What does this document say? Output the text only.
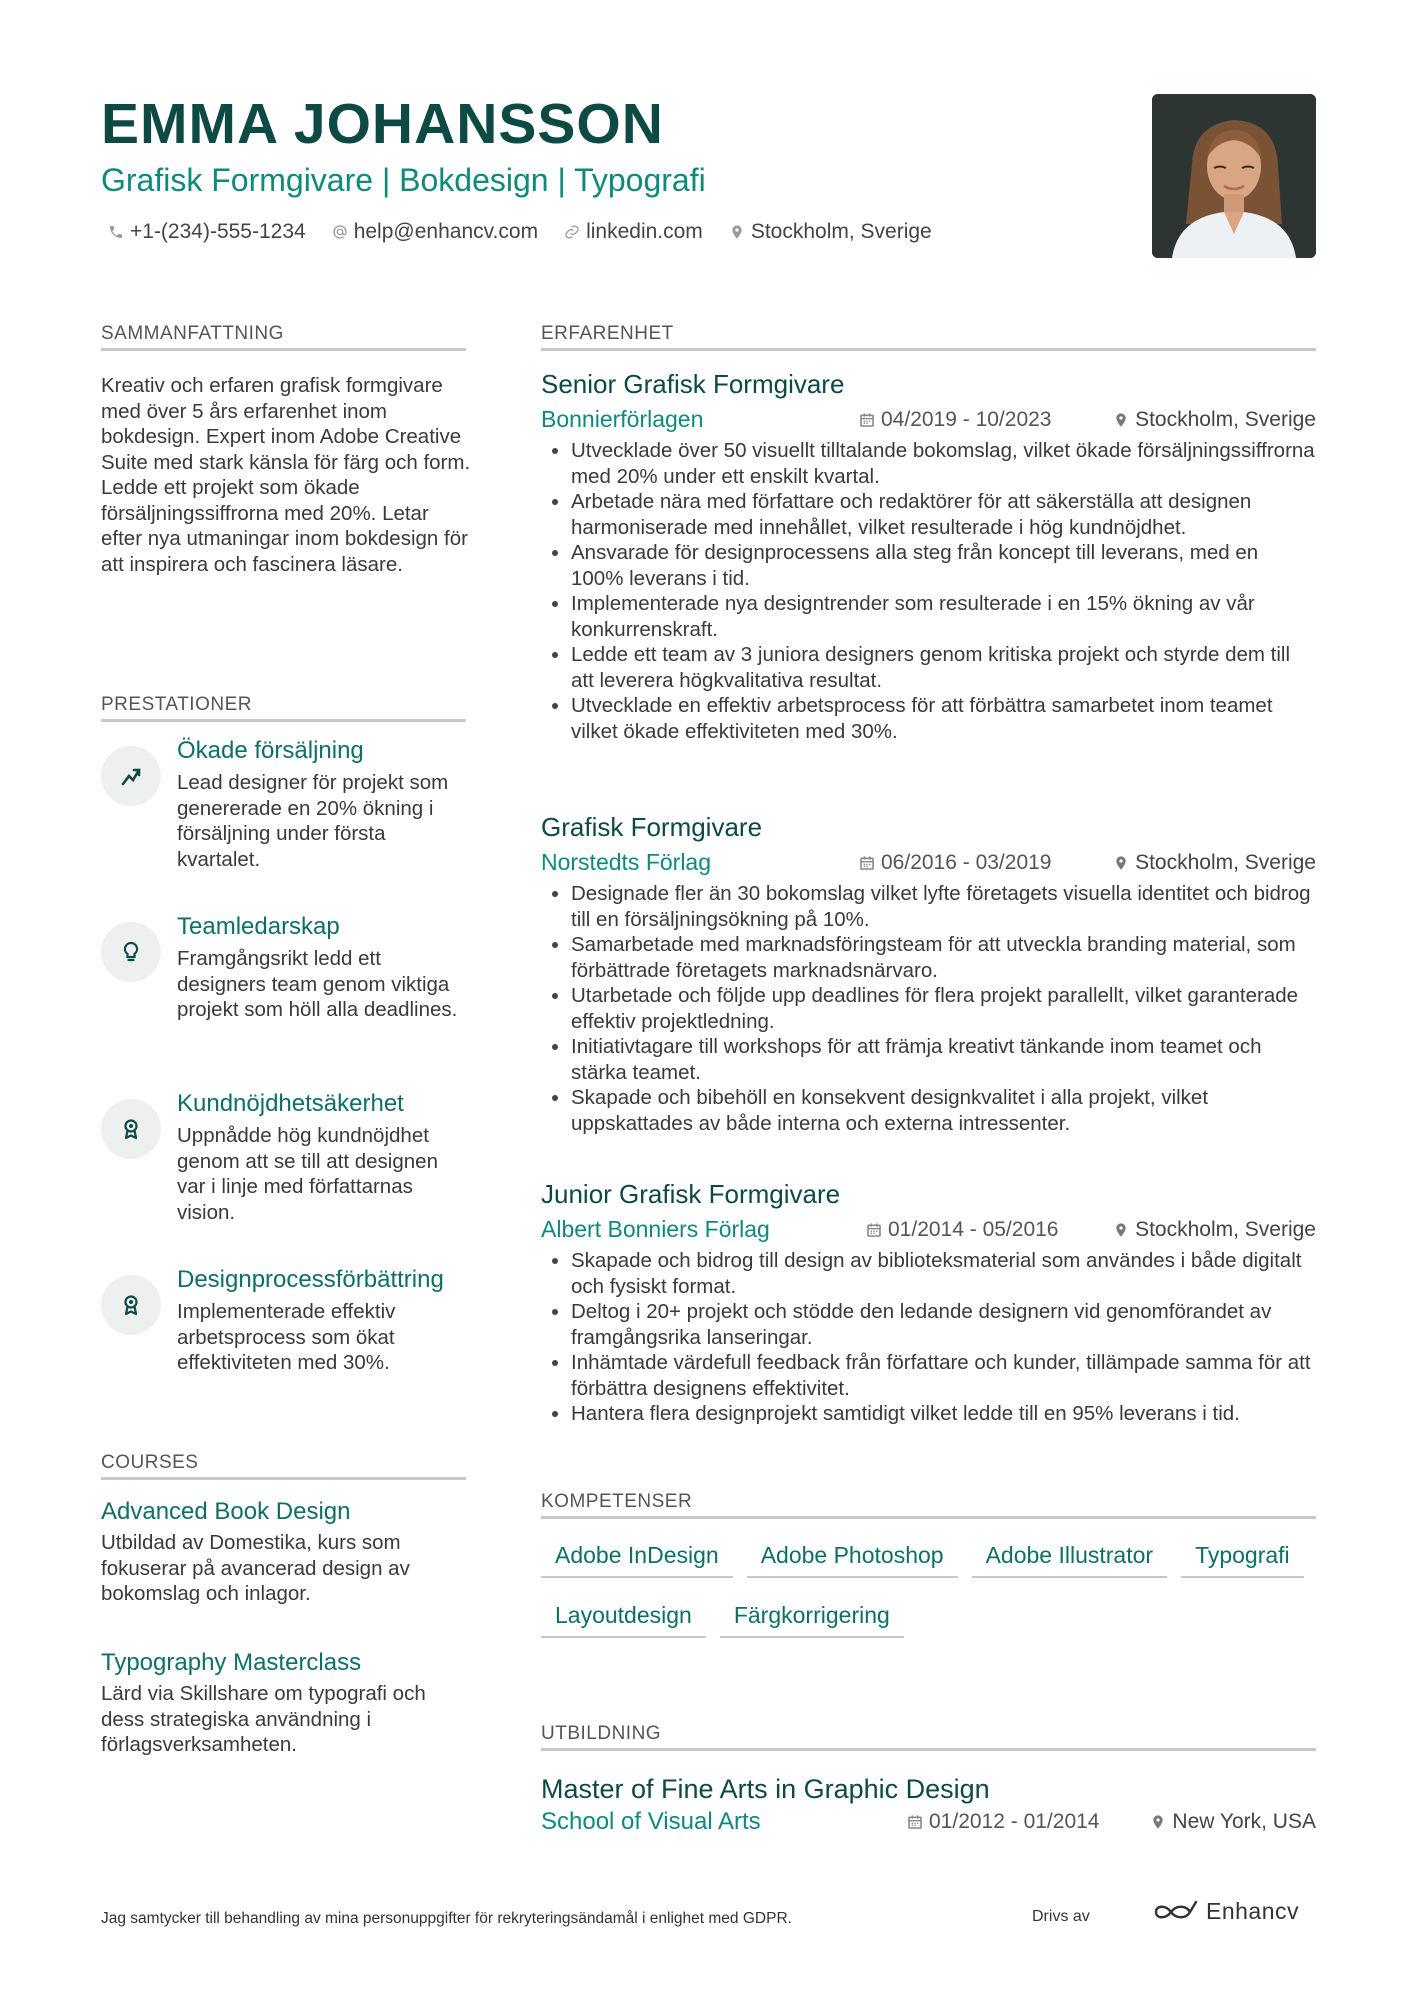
EMMA JOHANSSON
Grafisk Formgivare | Bokdesign | Typografi
+1-(234)-555-1234 help@enhancv.com linkedin.com Stockholm, Sverige
SAMMANFATTNING
Kreativ och erfaren grafisk formgivare med över 5 års erfarenhet inom bokdesign. Expert inom Adobe Creative Suite med stark känsla för färg och form. Ledde ett projekt som ökade försäljningssiffrorna med 20%. Letar efter nya utmaningar inom bokdesign för att inspirera och fascinera läsare.
PRESTATIONER
Ökade försäljning
Lead designer för projekt som genererade en 20% ökning i försäljning under första kvartalet.
Teamledarskap
Framgångsrikt ledd ett designers team genom viktiga projekt som höll alla deadlines.
Kundnöjdhetsäkerhet
Uppnådde hög kundnöjdhet genom att se till att designen var i linje med författarnas vision.
Designprocessförbättring
Implementerade effektiv arbetsprocess som ökat effektiviteten med 30%.
COURSES
Advanced Book Design
Utbildad av Domestika, kurs som fokuserar på avancerad design av bokomslag och inlagor.
Typography Masterclass
Lärd via Skillshare om typografi och dess strategiska användning i förlagsverksamheten.
ERFARENHET
Senior Grafisk Formgivare
Bonnierförlagen	04/2019 - 10/2023	Stockholm, Sverige
• Utvecklade över 50 visuellt tilltalande bokomslag, vilket ökade försäljningssiffrorna med 20% under ett enskilt kvartal.
• Arbetade nära med författare och redaktörer för att säkerställa att designen harmoniserade med innehållet, vilket resulterade i hög kundnöjdhet.
• Ansvarade för designprocessens alla steg från koncept till leverans, med en 100% leverans i tid.
• Implementerade nya designtrender som resulterade i en 15% ökning av vår konkurrenskraft.
• Ledde ett team av 3 juniora designers genom kritiska projekt och styrde dem till att leverera högkvalitativa resultat.
• Utvecklade en effektiv arbetsprocess för att förbättra samarbetet inom teamet vilket ökade effektiviteten med 30%.
Grafisk Formgivare
Norstedts Förlag	06/2016 - 03/2019	Stockholm, Sverige
• Designade fler än 30 bokomslag vilket lyfte företagets visuella identitet och bidrog till en försäljningsökning på 10%.
• Samarbetade med marknadsföringsteam för att utveckla branding material, som förbättrade företagets marknadsnärvaro.
• Utarbetade och följde upp deadlines för flera projekt parallellt, vilket garanterade effektiv projektledning.
• Initiativtagare till workshops för att främja kreativt tänkande inom teamet och stärka teamet.
• Skapade och bibehöll en konsekvent designkvalitet i alla projekt, vilket uppskattades av både interna och externa intressenter.
Junior Grafisk Formgivare
Albert Bonniers Förlag	01/2014 - 05/2016	Stockholm, Sverige
• Skapade och bidrog till design av biblioteksmaterial som användes i både digitalt och fysiskt format.
• Deltog i 20+ projekt och stödde den ledande designern vid genomförandet av framgångsrika lanseringar.
• Inhämtade värdefull feedback från författare och kunder, tillämpade samma för att förbättra designens effektivitet.
• Hantera flera designprojekt samtidigt vilket ledde till en 95% leverans i tid.
KOMPETENSER
Adobe InDesign	Adobe Photoshop	Adobe Illustrator	Typografi
Layoutdesign	Färgkorrigering
UTBILDNING
Master of Fine Arts in Graphic Design
School of Visual Arts	01/2012 - 01/2014	New York, USA
Jag samtycker till behandling av mina personuppgifter för rekryteringsändamål i enlighet med GDPR.	Drivs av	Enhancv
